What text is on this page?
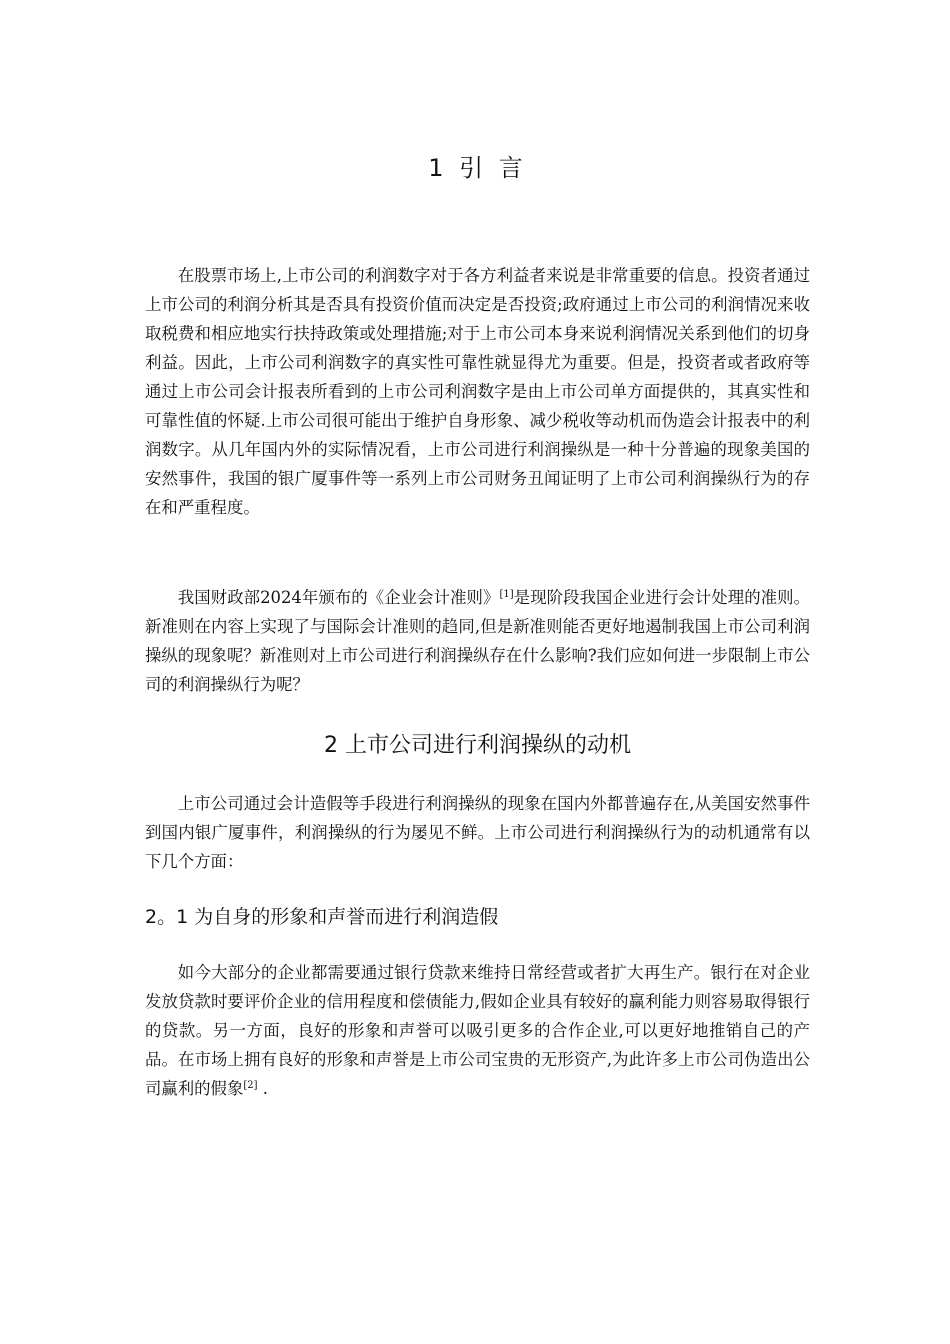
1 引 言

在股票市场上,上市公司的利润数字对于各方利益者来说是非常重要的信息。投资者通过上市公司的利润分析其是否具有投资价值而决定是否投资;政府通过上市公司的利润情况来收取税费和相应地实行扶持政策或处理措施;对于上市公司本身来说利润情况关系到他们的切身利益。因此，上市公司利润数字的真实性可靠性就显得尤为重要。但是，投资者或者政府等通过上市公司会计报表所看到的上市公司利润数字是由上市公司单方面提供的，其真实性和可靠性值的怀疑.上市公司很可能出于维护自身形象、减少税收等动机而伪造会计报表中的利润数字。从几年国内外的实际情况看，上市公司进行利润操纵是一种十分普遍的现象美国的安然事件，我国的银广厦事件等一系列上市公司财务丑闻证明了上市公司利润操纵行为的存在和严重程度。

我国财政部2024年颁布的《企业会计准则》[1]是现阶段我国企业进行会计处理的准则。新准则在内容上实现了与国际会计准则的趋同,但是新准则能否更好地遏制我国上市公司利润操纵的现象呢？新准则对上市公司进行利润操纵存在什么影响?我们应如何进一步限制上市公司的利润操纵行为呢？

2 上市公司进行利润操纵的动机

上市公司通过会计造假等手段进行利润操纵的现象在国内外都普遍存在,从美国安然事件到国内银广厦事件，利润操纵的行为屡见不鲜。上市公司进行利润操纵行为的动机通常有以下几个方面：

2。1 为自身的形象和声誉而进行利润造假

如今大部分的企业都需要通过银行贷款来维持日常经营或者扩大再生产。银行在对企业发放贷款时要评价企业的信用程度和偿债能力,假如企业具有较好的赢利能力则容易取得银行的贷款。另一方面，良好的形象和声誉可以吸引更多的合作企业,可以更好地推销自己的产品。在市场上拥有良好的形象和声誉是上市公司宝贵的无形资产,为此许多上市公司伪造出公司赢利的假象[2] .
